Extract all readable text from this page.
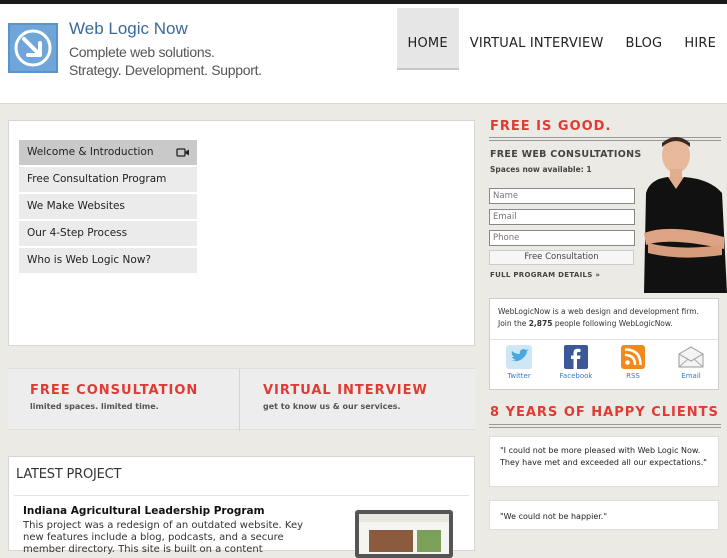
Web Logic Now
Complete web solutions.
Strategy. Development. Support.
HOME	VIRTUAL INTERVIEW	BLOG	HIRE
Welcome & Introduction
Free Consultation Program
We Make Websites
Our 4-Step Process
Who is Web Logic Now?
FREE CONSULTATION
limited spaces. limited time.
VIRTUAL INTERVIEW
get to know us & our services.
LATEST PROJECT
Indiana Agricultural Leadership Program
This project was a redesign of an outdated website. Key new features include a blog, podcasts, and a secure member directory. This site is built on a content
FREE IS GOOD.
FREE WEB CONSULTATIONS
Spaces now available: 1
Name
Email
Phone
Free Consultation
FULL PROGRAM DETAILS »
WebLogicNow is a web design and development firm. Join the 2,875 people following WebLogicNow.
Twitter	Facebook	RSS	Email
8 YEARS OF HAPPY CLIENTS
"I could not be more pleased with Web Logic Now. They have met and exceeded all our expectations."
"We could not be happier."
